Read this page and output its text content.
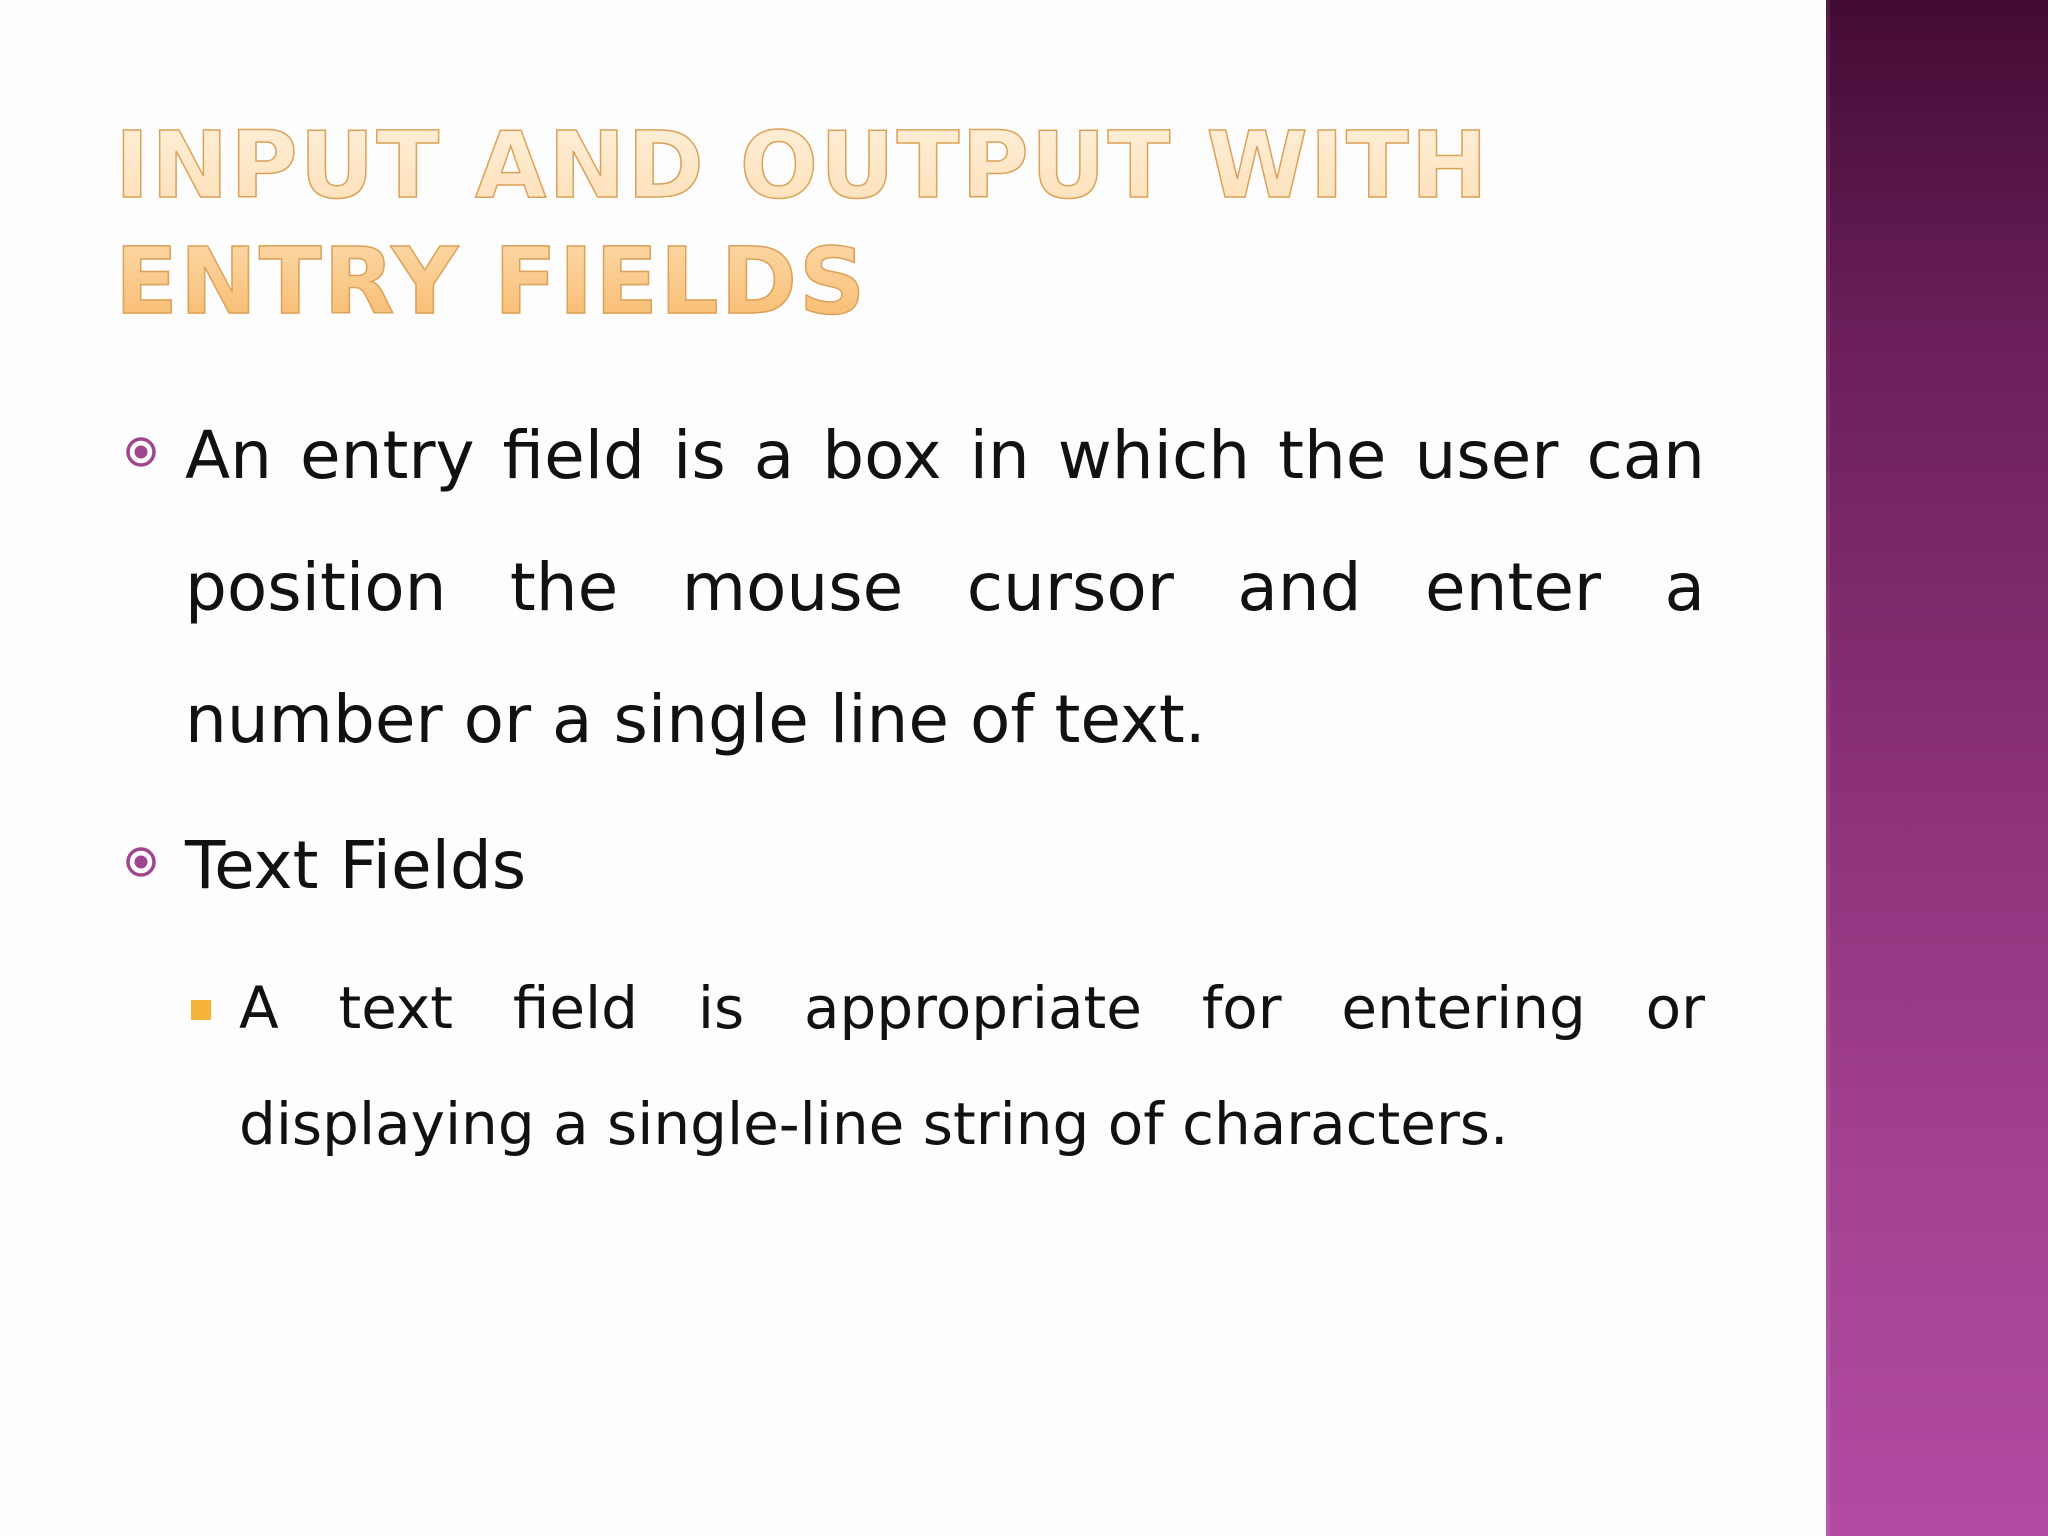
INPUT AND OUTPUT WITH ENTRY FIELDS

An entry field is a box in which the user can position the mouse cursor and enter a number or a single line of text.

Text Fields

A text field is appropriate for entering or displaying a single-line string of characters.
